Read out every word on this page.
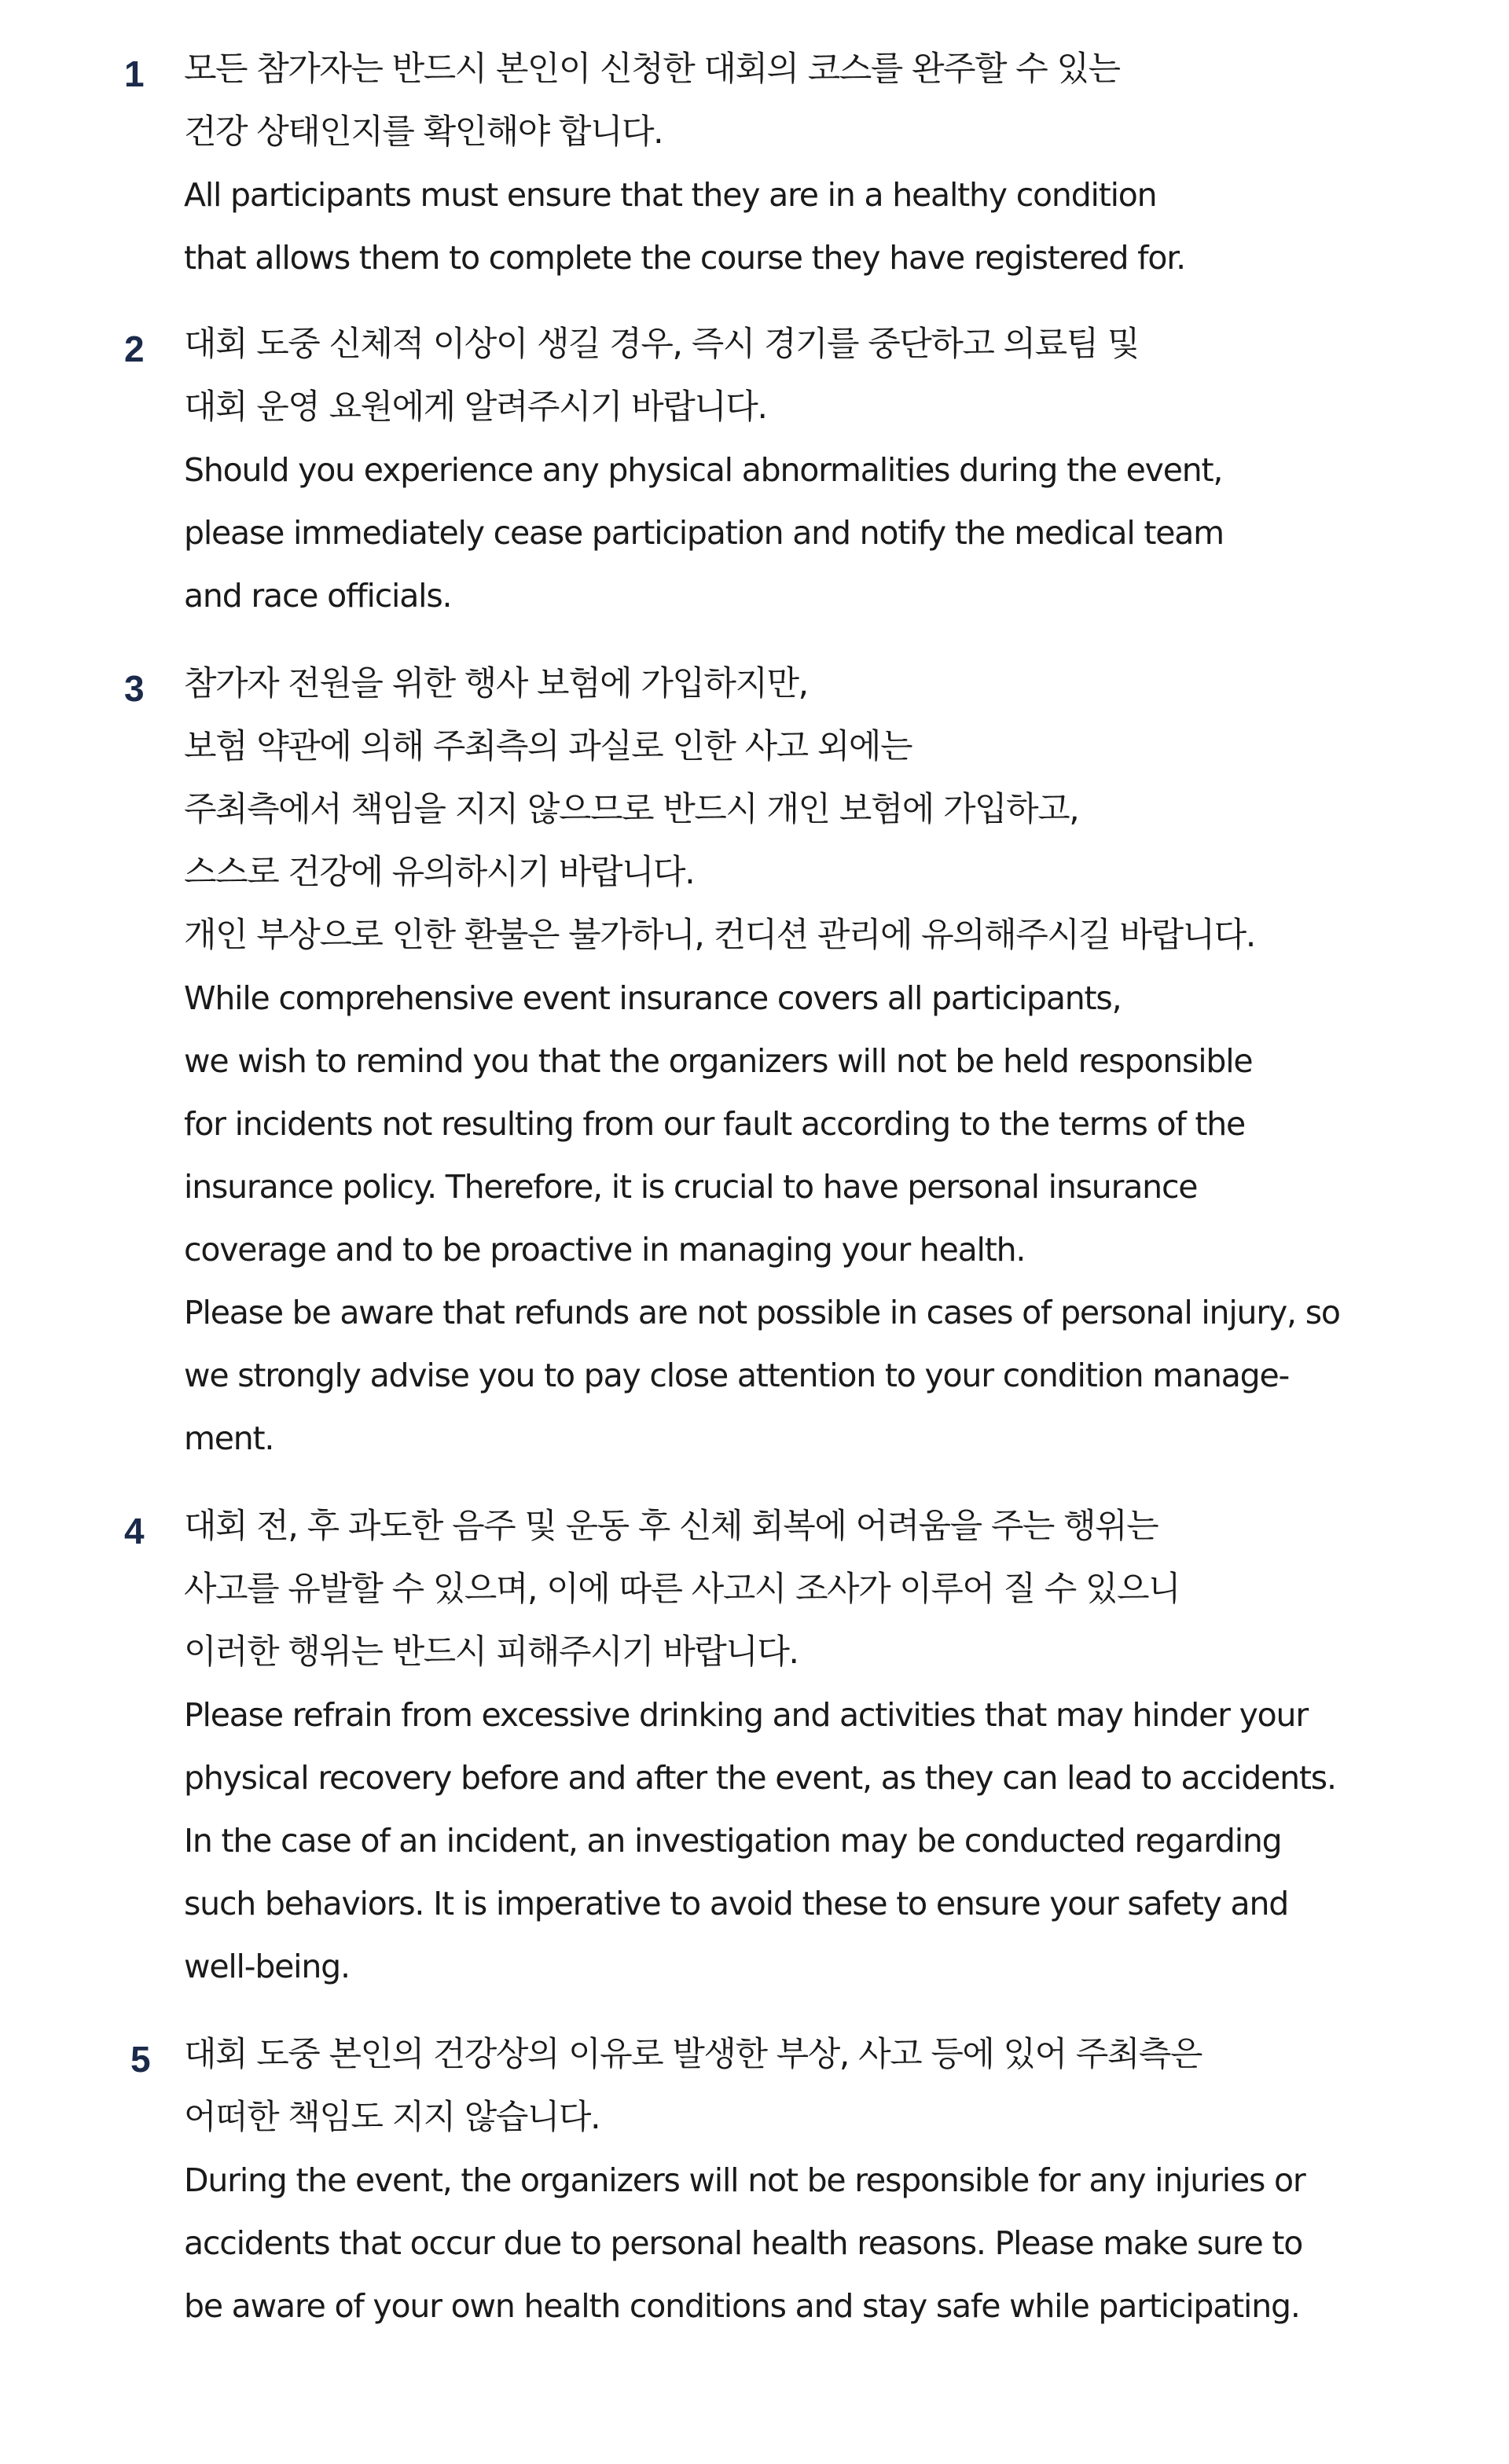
1	모든 참가자는 반드시 본인이 신청한 대회의 코스를 완주할 수 있는
건강 상태인지를 확인해야 합니다.
All participants must ensure that they are in a healthy condition
that allows them to complete the course they have registered for.
2	대회 도중 신체적 이상이 생길 경우, 즉시 경기를 중단하고 의료팀 및
대회 운영 요원에게 알려주시기 바랍니다.
Should you experience any physical abnormalities during the event,
please immediately cease participation and notify the medical team
and race officials.
3	참가자 전원을 위한 행사 보험에 가입하지만,
보험 약관에 의해 주최측의 과실로 인한 사고 외에는
주최측에서 책임을 지지 않으므로 반드시 개인 보험에 가입하고,
스스로 건강에 유의하시기 바랍니다.
개인 부상으로 인한 환불은 불가하니, 컨디션 관리에 유의해주시길 바랍니다.
While comprehensive event insurance covers all participants,
we wish to remind you that the organizers will not be held responsible
for incidents not resulting from our fault according to the terms of the
insurance policy. Therefore, it is crucial to have personal insurance
coverage and to be proactive in managing your health.
Please be aware that refunds are not possible in cases of personal injury, so
we strongly advise you to pay close attention to your condition manage-
ment.
4	대회 전, 후 과도한 음주 및 운동 후 신체 회복에 어려움을 주는 행위는
사고를 유발할 수 있으며, 이에 따른 사고시 조사가 이루어 질 수 있으니
이러한 행위는 반드시 피해주시기 바랍니다.
Please refrain from excessive drinking and activities that may hinder your
physical recovery before and after the event, as they can lead to accidents.
In the case of an incident, an investigation may be conducted regarding
such behaviors. It is imperative to avoid these to ensure your safety and
well-being.
5 대회 도중 본인의 건강상의 이유로 발생한 부상, 사고 등에 있어 주최측은
어떠한 책임도 지지 않습니다.
During the event, the organizers will not be responsible for any injuries or
accidents that occur due to personal health reasons. Please make sure to
be aware of your own health conditions and stay safe while participating.
